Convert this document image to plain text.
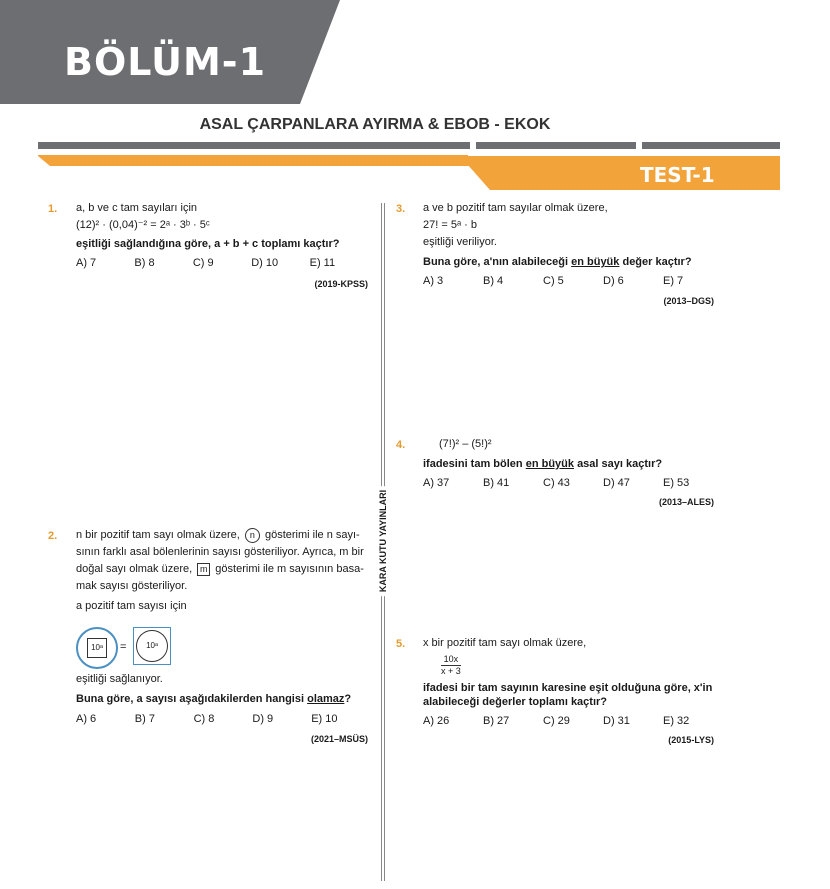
BÖLÜM-1
ASAL ÇARPANLARA AYIRMA & EBOB - EKOK
TEST-1
KARA KUTU YAYINLARI
1. a, b ve c tam sayıları için
(12)² · (0,04)⁻² = 2ᵃ · 3ᵇ · 5ᶜ
eşitliği sağlandığına göre, a + b + c toplamı kaçtır?
A) 7	B) 8	C) 9	D) 10	E) 11
(2019-KPSS)
2. n bir pozitif tam sayı olmak üzere, n gösterimi ile n sayı-
sının farklı asal bölenlerinin sayısı gösteriliyor. Ayrıca, m bir
doğal sayı olmak üzere, m gösterimi ile m sayısının basa-
mak sayısı gösteriliyor.
a pozitif tam sayısı için
10ᵃ	=	10ᵃ
eşitliği sağlanıyor.
Buna göre, a sayısı aşağıdakilerden hangisi olamaz?
A) 6	B) 7	C) 8	D) 9	E) 10
(2021–MSÜS)
3. a ve b pozitif tam sayılar olmak üzere,
27! = 5ᵃ · b
eşitliği veriliyor.
Buna göre, a'nın alabileceği en büyük değer kaçtır?
A) 3	B) 4	C) 5	D) 6	E) 7
(2013–DGS)
4.	(7!)² – (5!)²
ifadesini tam bölen en büyük asal sayı kaçtır?
A) 37	B) 41	C) 43	D) 47	E) 53
(2013–ALES)
5. x bir pozitif tam sayı olmak üzere,
$\frac{10x}{x + 3}$
ifadesi bir tam sayının karesine eşit olduğuna göre, x'in
alabileceği değerler toplamı kaçtır?
A) 26	B) 27	C) 29	D) 31	E) 32
(2015-LYS)
